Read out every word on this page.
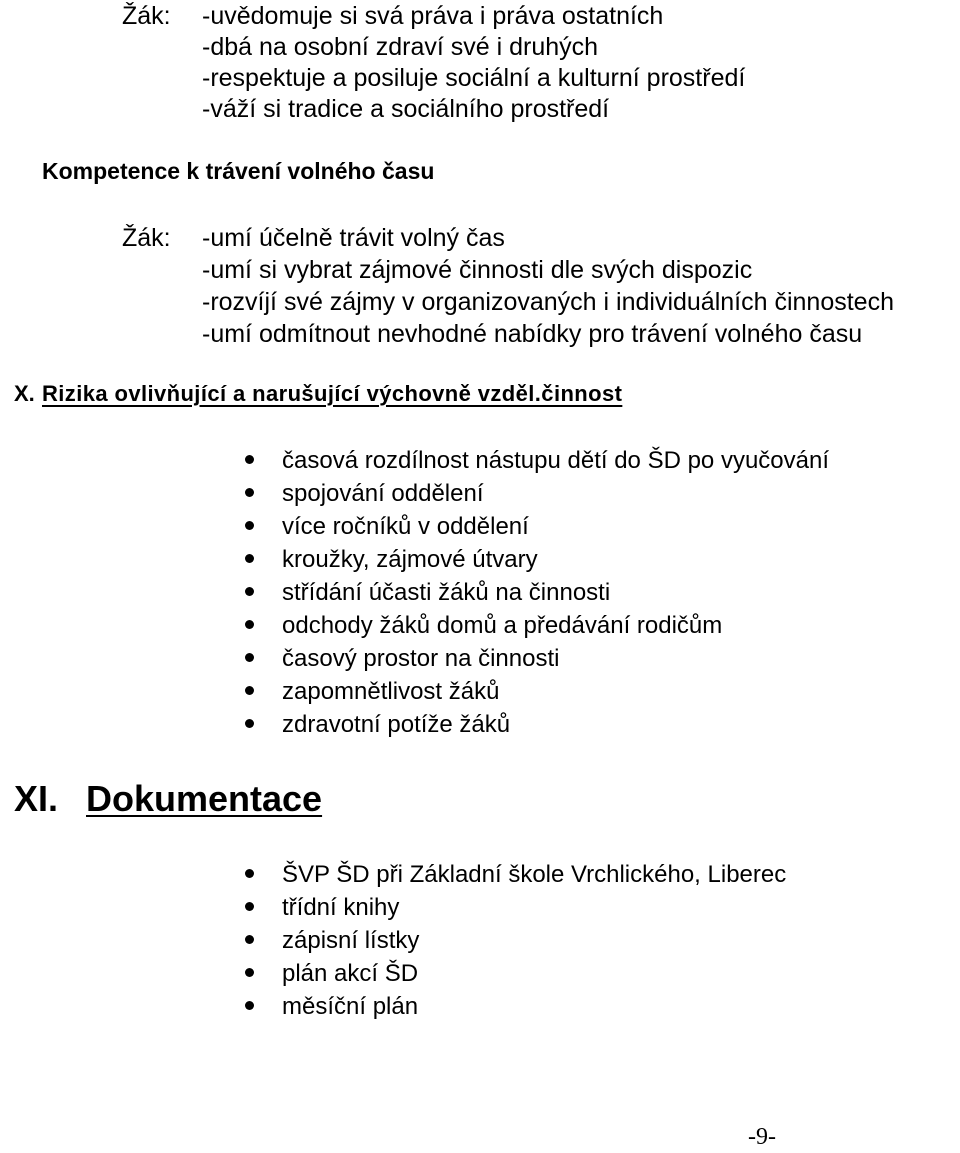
Žák: -uvědomuje si svá práva i práva ostatních
-dbá na osobní zdraví své i druhých
-respektuje a posiluje sociální a kulturní prostředí
-váží si tradice a sociálního prostředí
Kompetence k trávení volného času
Žák: -umí účelně trávit volný čas
-umí si vybrat zájmové činnosti dle svých dispozic
-rozvíjí své zájmy v organizovaných i individuálních činnostech
-umí odmítnout nevhodné nabídky pro trávení volného času
X. Rizika ovlivňující a narušující výchovně vzděl.činnost
časová rozdílnost nástupu dětí do ŠD po vyučování
spojování oddělení
více ročníků v oddělení
kroužky, zájmové útvary
střídání účasti žáků na činnosti
odchody žáků domů a předávání rodičům
časový prostor na činnosti
zapomnětlivost žáků
zdravotní potíže žáků
XI. Dokumentace
ŠVP ŠD při Základní škole Vrchlického, Liberec
třídní knihy
zápisní lístky
plán akcí ŠD
měsíční plán
-9-
